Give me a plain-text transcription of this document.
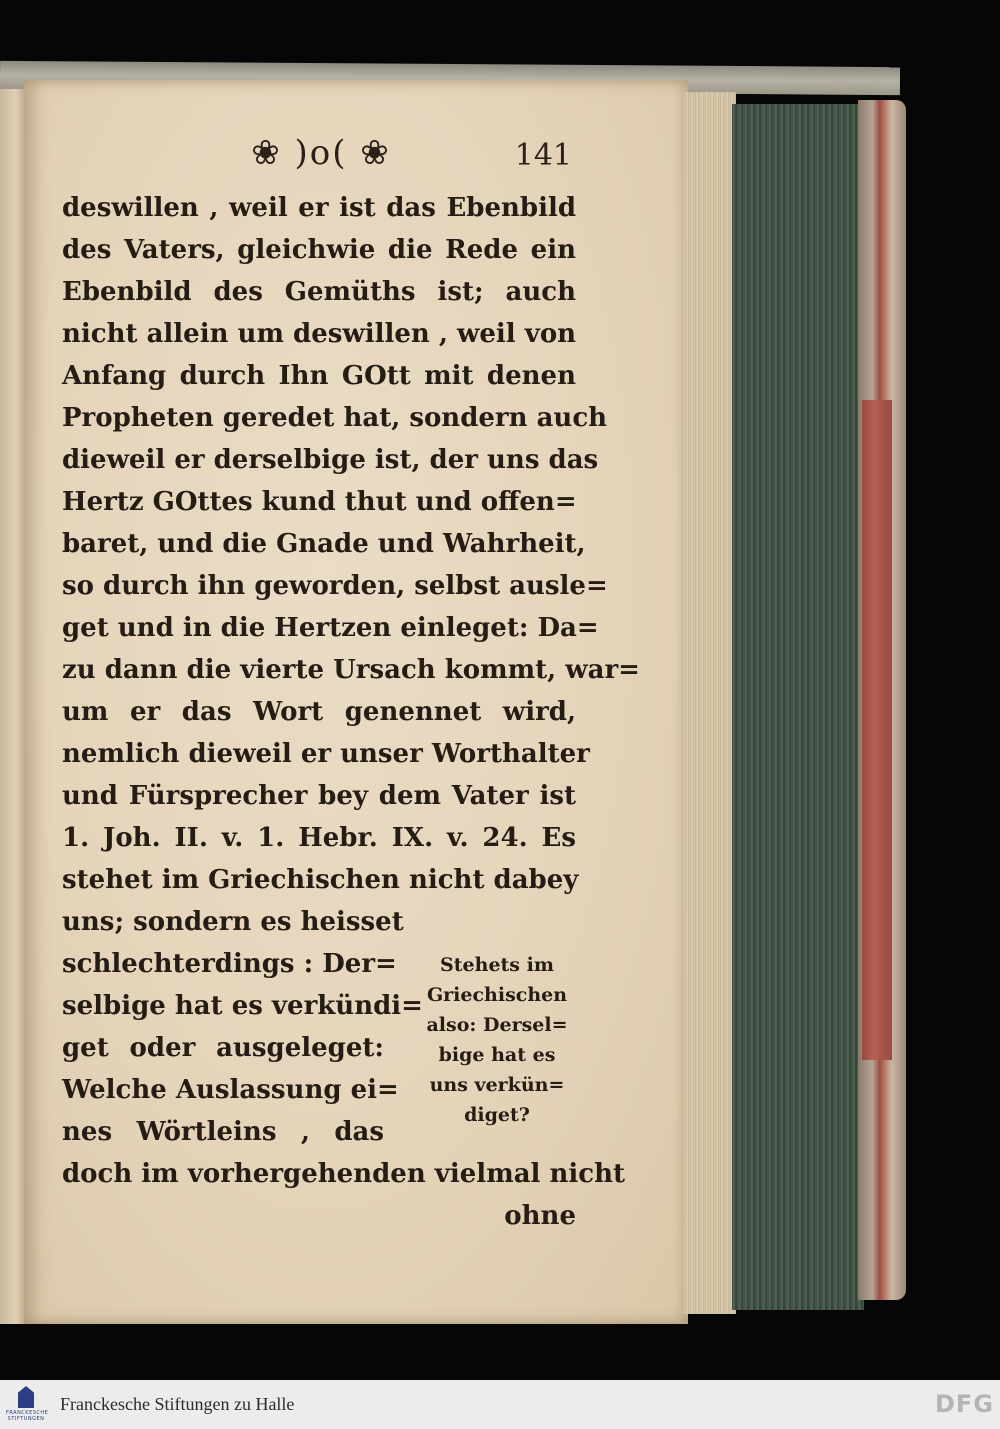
❀ )o( ❀	141
deswillen , weil er ist das Ebenbild
des Vaters, gleichwie die Rede ein
Ebenbild des Gemüths ist; auch
nicht allein um deswillen , weil von
Anfang durch Ihn GOtt mit denen
Propheten geredet hat, sondern auch
dieweil er derselbige ist, der uns das
Hertz GOttes kund thut und offen=
baret, und die Gnade und Wahrheit,
so durch ihn geworden, selbst ausle=
get und in die Hertzen einleget: Da=
zu dann die vierte Ursach kommt, war=
um er das Wort genennet wird,
nemlich dieweil er unser Worthalter
und Fürsprecher bey dem Vater ist
1. Joh. II. v. 1. Hebr. IX. v. 24. Es
stehet im Griechischen nicht dabey
uns; sondern es heisset
schlechterdings : Der=
selbige hat es verkündi=
get oder ausgeleget:
Welche Auslassung ei=
nes Wörtleins , das
doch im vorhergehenden vielmal nicht
ohne
Stehets im
Griechischen
also: Dersel=
bige hat es
uns verkün=
diget?
FRANCKESCHE
STIFTUNGEN
Franckesche Stiftungen zu Halle	DFG
